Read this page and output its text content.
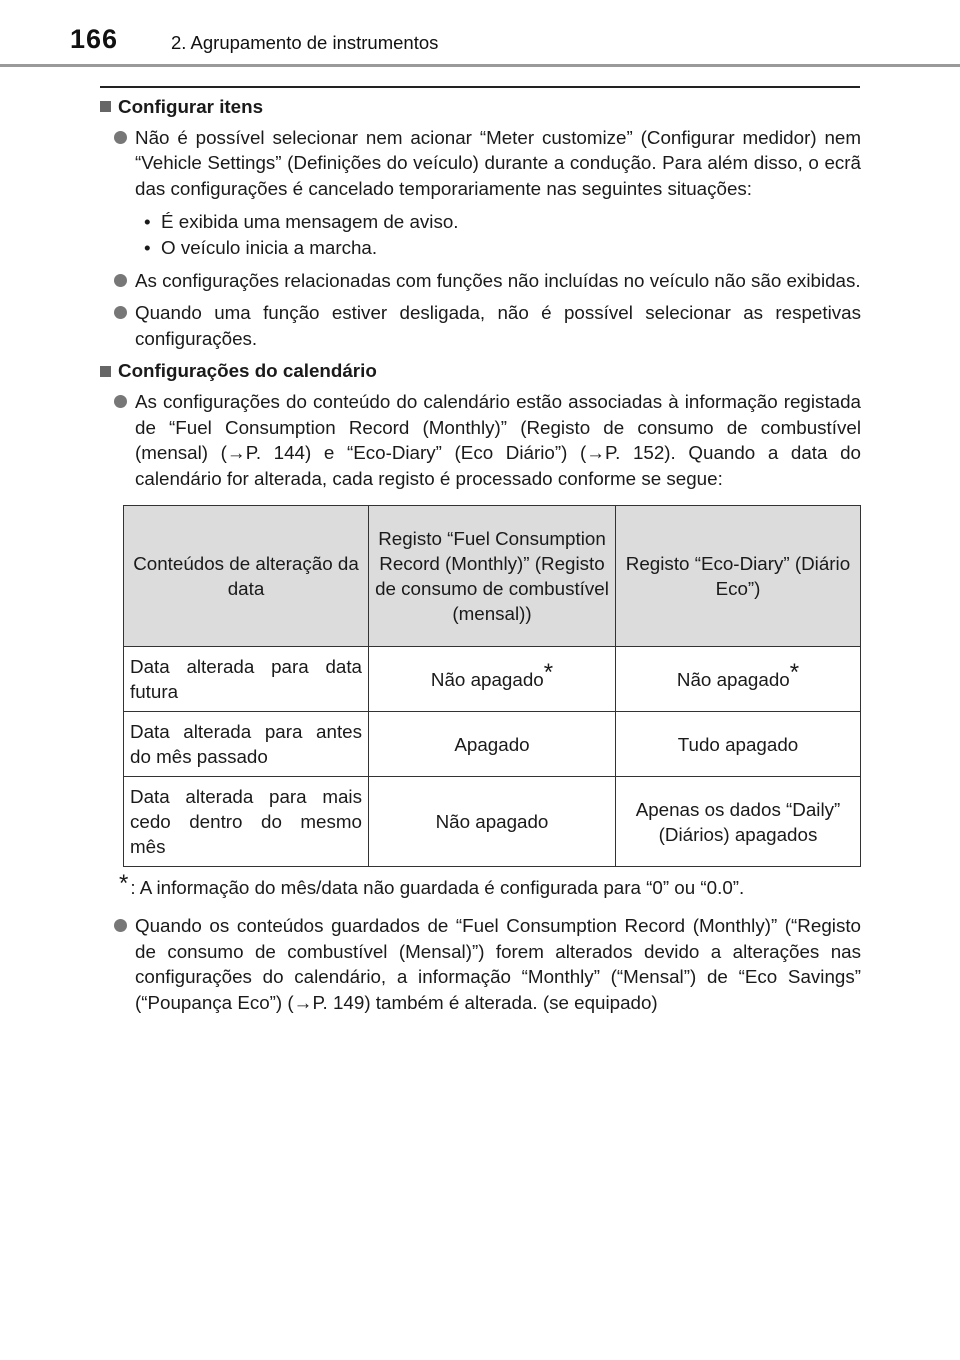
166	2. Agrupamento de instrumentos
Configurar itens
Não é possível selecionar nem acionar “Meter customize” (Configurar medidor) nem “Vehicle Settings” (Definições do veículo) durante a condução. Para além disso, o ecrã das configurações é cancelado temporariamente nas seguintes situações:
• É exibida uma mensagem de aviso.
• O veículo inicia a marcha.
As configurações relacionadas com funções não incluídas no veículo não são exibidas.
Quando uma função estiver desligada, não é possível selecionar as respetivas configurações.
Configurações do calendário
As configurações do conteúdo do calendário estão associadas à informação registada de “Fuel Consumption Record (Monthly)” (Registo de consumo de combustível (mensal) (→P. 144) e “Eco-Diary” (Eco Diário”) (→P. 152). Quando a data do calendário for alterada, cada registo é processado conforme se segue:
Conteúdos de alteração da data	Registo “Fuel Consumption Record (Monthly)” (Registo de consumo de combustível (mensal))	Registo “Eco-Diary” (Diário Eco”)
Data alterada para data futura	Não apagado*	Não apagado*
Data alterada para antes do mês passado	Apagado	Tudo apagado
Data alterada para mais cedo dentro do mesmo mês	Não apagado	Apenas os dados “Daily” (Diários) apagados
* : A informação do mês/data não guardada é configurada para “0” ou “0.0”.
Quando os conteúdos guardados de “Fuel Consumption Record (Monthly)” (“Registo de consumo de combustível (Mensal)”) forem alterados devido a alterações nas configurações do calendário, a informação “Monthly” (“Mensal”) de “Eco Savings” (“Poupança Eco”) (→P. 149) também é alterada. (se equipado)
